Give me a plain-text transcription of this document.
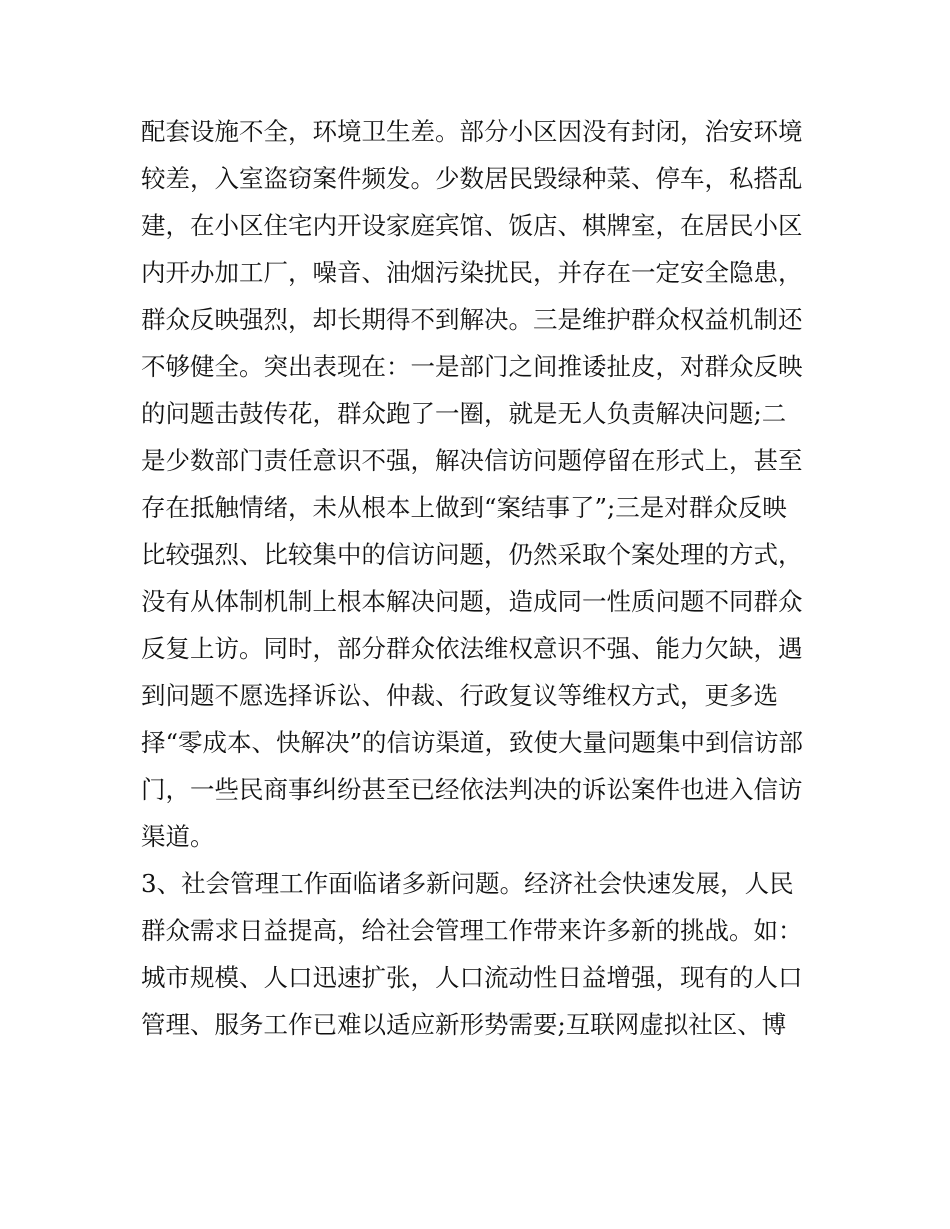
配套设施不全，环境卫生差。部分小区因没有封闭，治安环境
较差，入室盗窃案件频发。少数居民毁绿种菜、停车，私搭乱
建，在小区住宅内开设家庭宾馆、饭店、棋牌室，在居民小区
内开办加工厂，噪音、油烟污染扰民，并存在一定安全隐患，
群众反映强烈，却长期得不到解决。三是维护群众权益机制还
不够健全。突出表现在：一是部门之间推诿扯皮，对群众反映
的问题击鼓传花，群众跑了一圈，就是无人负责解决问题;二
是少数部门责任意识不强，解决信访问题停留在形式上，甚至
存在抵触情绪，未从根本上做到“案结事了”;三是对群众反映
比较强烈、比较集中的信访问题，仍然采取个案处理的方式，
没有从体制机制上根本解决问题，造成同一性质问题不同群众
反复上访。同时，部分群众依法维权意识不强、能力欠缺，遇
到问题不愿选择诉讼、仲裁、行政复议等维权方式，更多选
择“零成本、快解决”的信访渠道，致使大量问题集中到信访部
门，一些民商事纠纷甚至已经依法判决的诉讼案件也进入信访
渠道。
3、社会管理工作面临诸多新问题。经济社会快速发展，人民
群众需求日益提高，给社会管理工作带来许多新的挑战。如：
城市规模、人口迅速扩张，人口流动性日益增强，现有的人口
管理、服务工作已难以适应新形势需要;互联网虚拟社区、博
